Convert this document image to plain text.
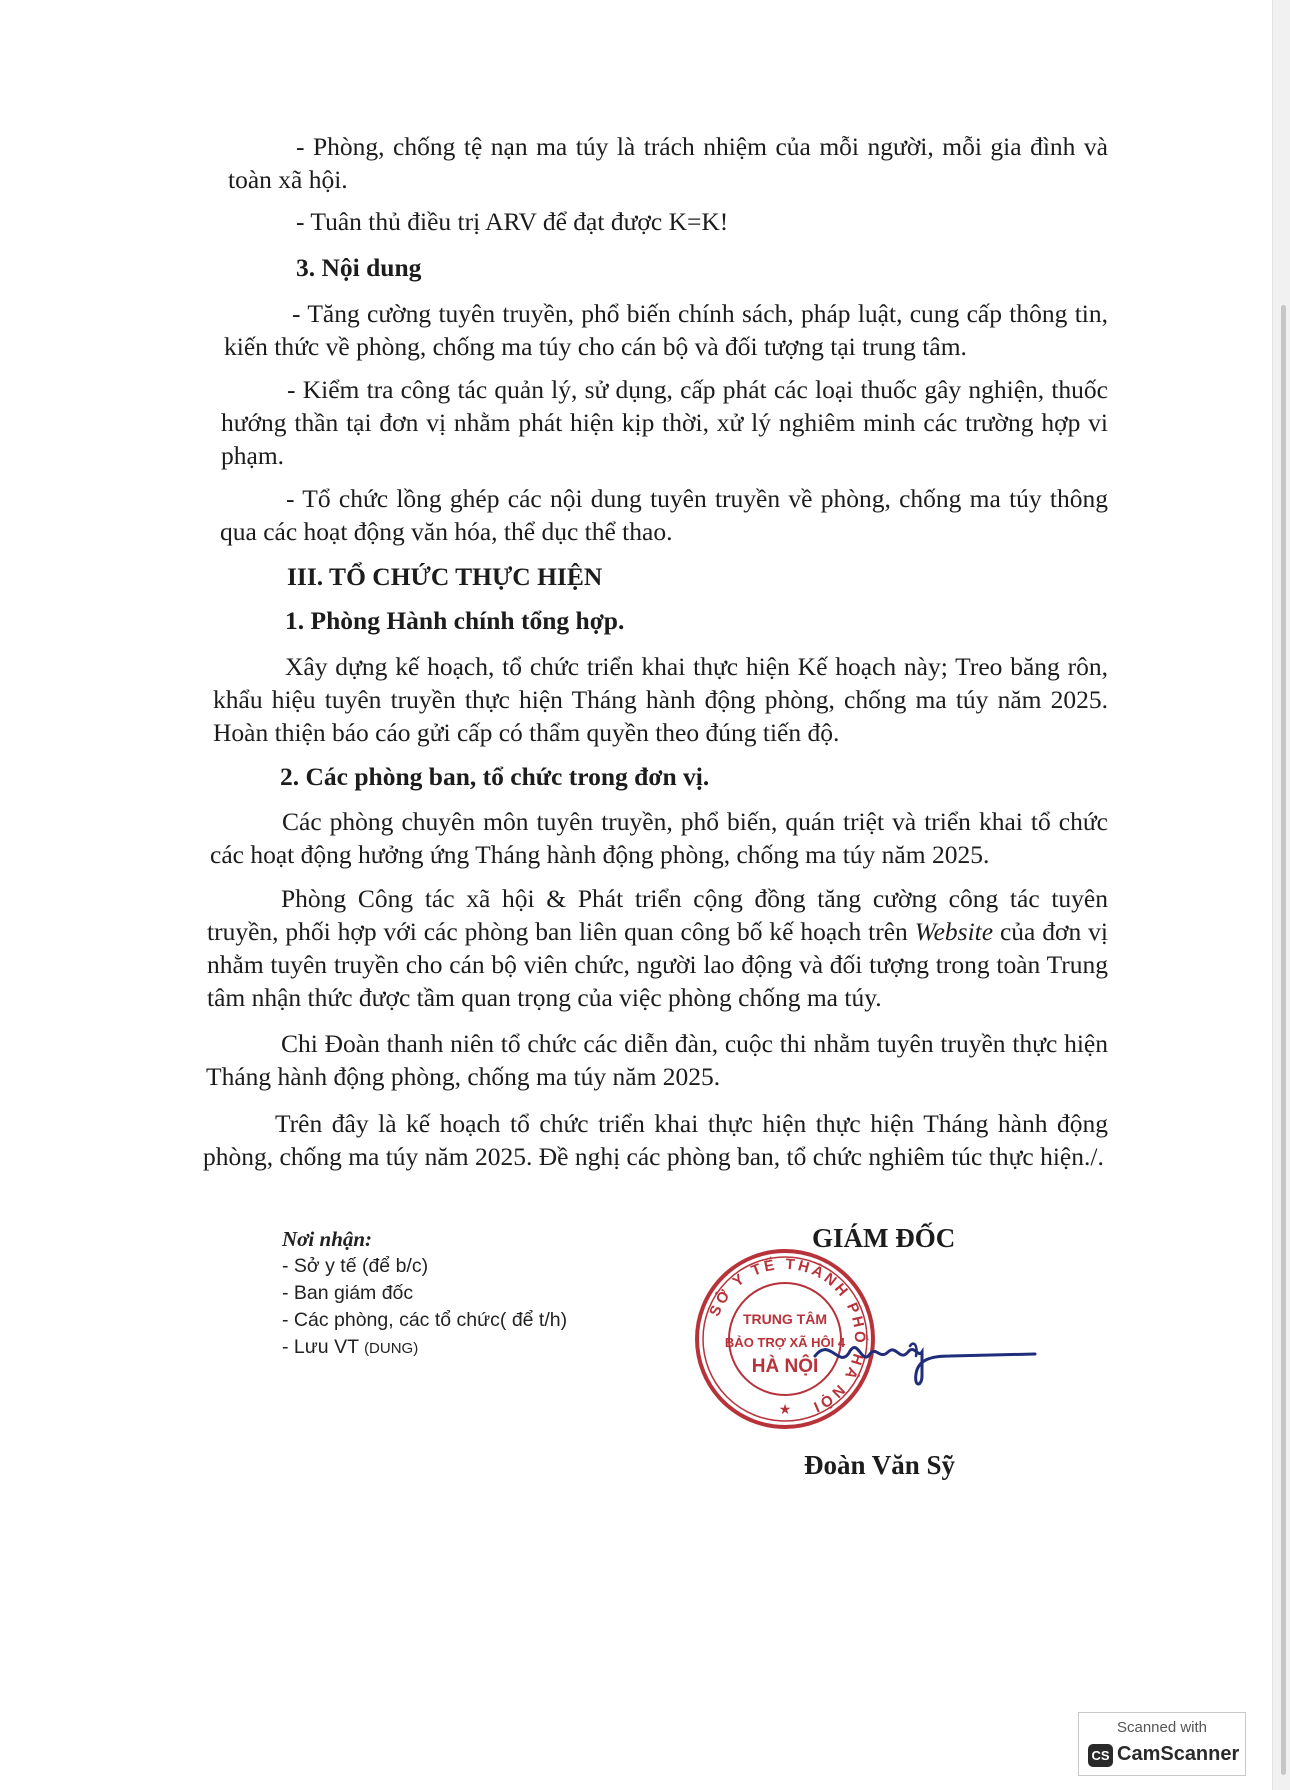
- Phòng, chống tệ nạn ma túy là trách nhiệm của mỗi người, mỗi gia đình và toàn xã hội.

- Tuân thủ điều trị ARV để đạt được K=K!

3. Nội dung

- Tăng cường tuyên truyền, phổ biến chính sách, pháp luật, cung cấp thông tin, kiến thức về phòng, chống ma túy cho cán bộ và đối tượng tại trung tâm.

- Kiểm tra công tác quản lý, sử dụng, cấp phát các loại thuốc gây nghiện, thuốc hướng thần tại đơn vị nhằm phát hiện kịp thời, xử lý nghiêm minh các trường hợp vi phạm.

- Tổ chức lồng ghép các nội dung tuyên truyền về phòng, chống ma túy thông qua các hoạt động văn hóa, thể dục thể thao.

III. TỔ CHỨC THỰC HIỆN

1. Phòng Hành chính tổng hợp.

Xây dựng kế hoạch, tổ chức triển khai thực hiện Kế hoạch này; Treo băng rôn, khẩu hiệu tuyên truyền thực hiện Tháng hành động phòng, chống ma túy năm 2025. Hoàn thiện báo cáo gửi cấp có thẩm quyền theo đúng tiến độ.

2. Các phòng ban, tổ chức trong đơn vị.

Các phòng chuyên môn tuyên truyền, phổ biến, quán triệt và triển khai tổ chức các hoạt động hưởng ứng Tháng hành động phòng, chống ma túy năm 2025.

Phòng Công tác xã hội & Phát triển cộng đồng tăng cường công tác tuyên truyền, phối hợp với các phòng ban liên quan công bố kế hoạch trên Website của đơn vị nhằm tuyên truyền cho cán bộ viên chức, người lao động và đối tượng trong toàn Trung tâm nhận thức được tầm quan trọng của việc phòng chống ma túy.

Chi Đoàn thanh niên tổ chức các diễn đàn, cuộc thi nhằm tuyên truyền thực hiện Tháng hành động phòng, chống ma túy năm 2025.

Trên đây là kế hoạch tổ chức triển khai thực hiện thực hiện Tháng hành động phòng, chống ma túy năm 2025. Đề nghị các phòng ban, tổ chức nghiêm túc thực hiện./.

Nơi nhận:
- Sở y tế (để b/c)
- Ban giám đốc
- Các phòng, các tổ chức( để t/h)
- Lưu VT (DUNG)
GIÁM ĐỐC
SỞ Y TẾ THÀNH PHỐ HÀ NỘI
TRUNG TÂM
BẢO TRỢ XÃ HỘI 4
HÀ NỘI
★
Đoàn Văn Sỹ
Scanned with
CS CamScanner
